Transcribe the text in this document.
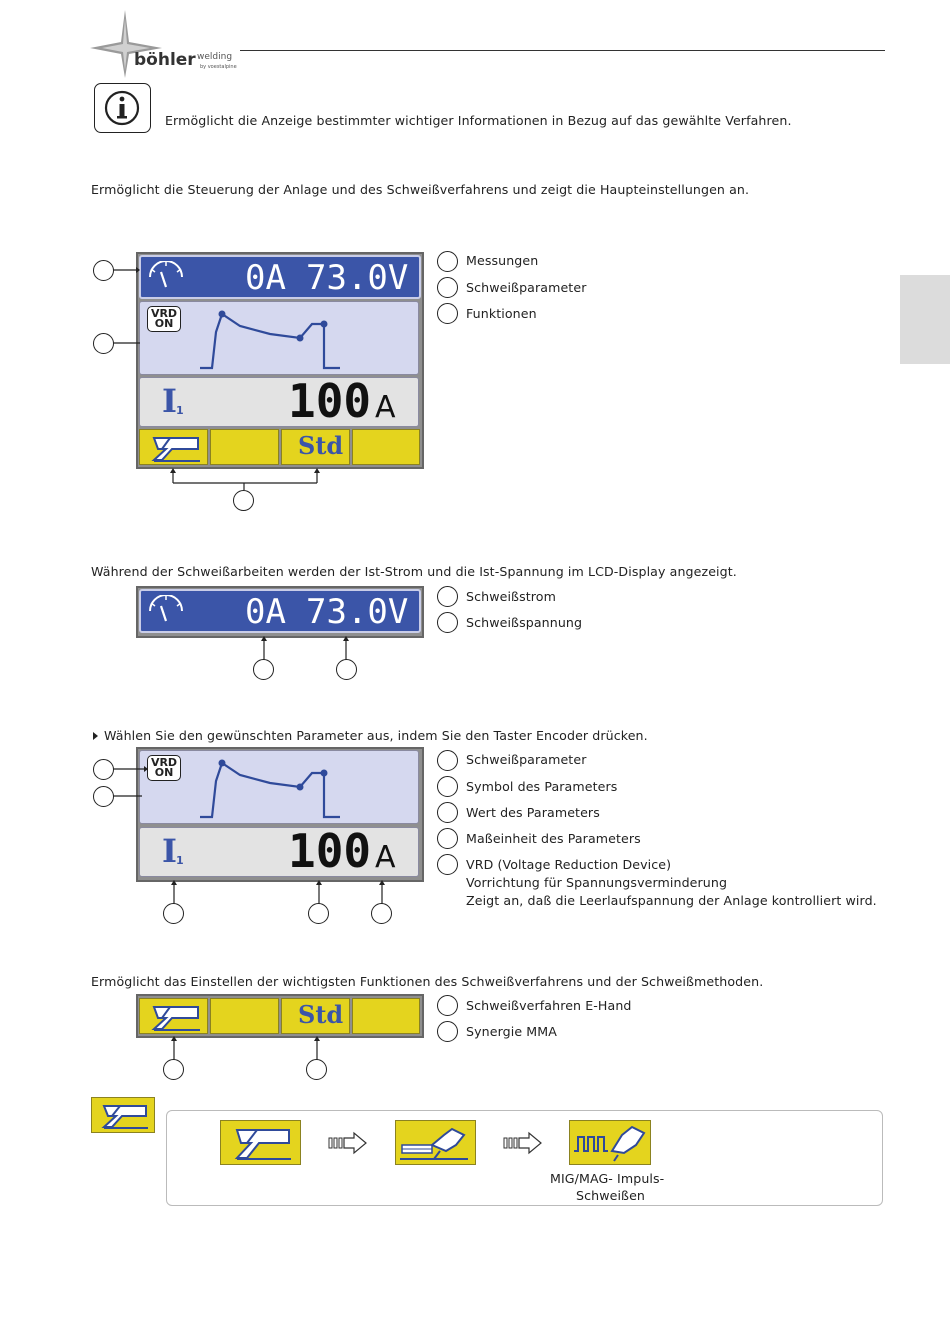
böhler welding
by voestalpine
Ermöglicht die Anzeige bestimmter wichtiger Informationen in Bezug auf das gewählte Verfahren.
Ermöglicht die Steuerung der Anlage und des Schweißverfahrens und zeigt die Haupteinstellungen an.
0A 73.0V
VRD
ON
I 1 100 A
Std
Messungen
Schweißparameter
Funktionen
Während der Schweißarbeiten werden der Ist-Strom und die Ist-Spannung im LCD-Display angezeigt.
0A 73.0V	Schweißstrom
Schweißspannung
Wählen Sie den gewünschten Parameter aus, indem Sie den Taster Encoder drücken.
VRD
ON
I 1 100 A
Schweißparameter
Symbol des Parameters
Wert des Parameters
Maßeinheit des Parameters
VRD (Voltage Reduction Device)
Vorrichtung für Spannungsverminderung
Zeigt an, daß die Leerlaufspannung der Anlage kontrolliert wird.
Ermöglicht das Einstellen der wichtigsten Funktionen des Schweißverfahrens und der Schweißmethoden.
Std	Schweißverfahren E-Hand
Synergie MMA
MIG/MAG- Impuls-
Schweißen
